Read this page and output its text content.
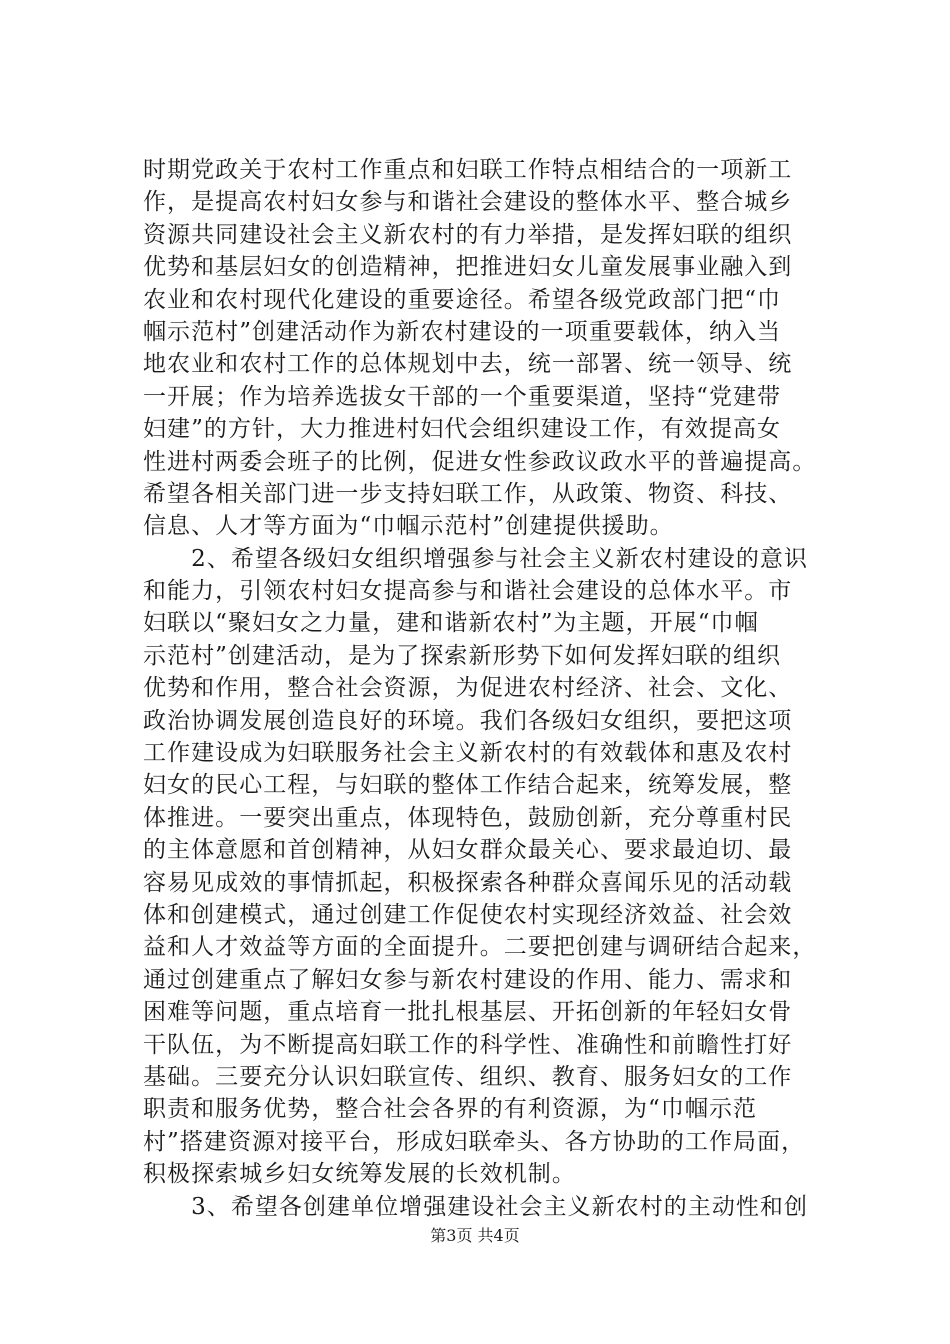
时期党政关于农村工作重点和妇联工作特点相结合的一项新工
作，是提高农村妇女参与和谐社会建设的整体水平、整合城乡
资源共同建设社会主义新农村的有力举措，是发挥妇联的组织
优势和基层妇女的创造精神，把推进妇女儿童发展事业融入到
农业和农村现代化建设的重要途径。希望各级党政部门把“巾
帼示范村”创建活动作为新农村建设的一项重要载体，纳入当
地农业和农村工作的总体规划中去，统一部署、统一领导、统
一开展；作为培养选拔女干部的一个重要渠道，坚持“党建带
妇建”的方针，大力推进村妇代会组织建设工作，有效提高女
性进村两委会班子的比例，促进女性参政议政水平的普遍提高。
希望各相关部门进一步支持妇联工作，从政策、物资、科技、
信息、人才等方面为“巾帼示范村”创建提供援助。
　　2、希望各级妇女组织增强参与社会主义新农村建设的意识
和能力，引领农村妇女提高参与和谐社会建设的总体水平。市
妇联以“聚妇女之力量，建和谐新农村”为主题，开展“巾帼
示范村”创建活动，是为了探索新形势下如何发挥妇联的组织
优势和作用，整合社会资源，为促进农村经济、社会、文化、
政治协调发展创造良好的环境。我们各级妇女组织，要把这项
工作建设成为妇联服务社会主义新农村的有效载体和惠及农村
妇女的民心工程，与妇联的整体工作结合起来，统筹发展，整
体推进。一要突出重点，体现特色，鼓励创新，充分尊重村民
的主体意愿和首创精神，从妇女群众最关心、要求最迫切、最
容易见成效的事情抓起，积极探索各种群众喜闻乐见的活动载
体和创建模式，通过创建工作促使农村实现经济效益、社会效
益和人才效益等方面的全面提升。二要把创建与调研结合起来，
通过创建重点了解妇女参与新农村建设的作用、能力、需求和
困难等问题，重点培育一批扎根基层、开拓创新的年轻妇女骨
干队伍，为不断提高妇联工作的科学性、准确性和前瞻性打好
基础。三要充分认识妇联宣传、组织、教育、服务妇女的工作
职责和服务优势，整合社会各界的有利资源，为“巾帼示范
村”搭建资源对接平台，形成妇联牵头、各方协助的工作局面，
积极探索城乡妇女统筹发展的长效机制。
　　3、希望各创建单位增强建设社会主义新农村的主动性和创
第3页 共4页
